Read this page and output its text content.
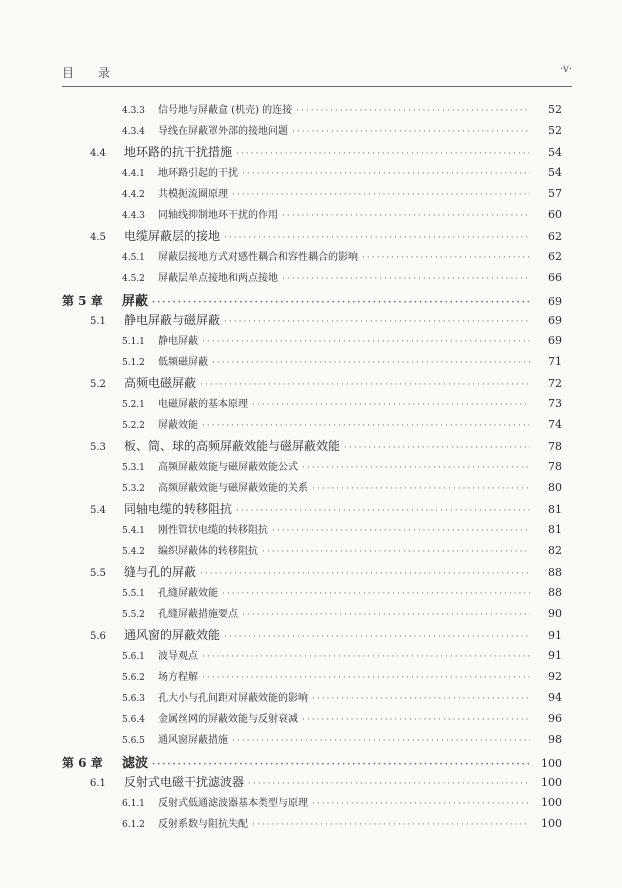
目 录	·v·
4.3.3	信号地与屏蔽盒 (机壳) 的连接 ·····	52
4.3.4	导线在屏蔽罩外部的接地问题 ·····	52
4.4	地环路的抗干扰措施 ·····	54
4.4.1	地环路引起的干扰 ·····	54
4.4.2	共模扼流圈原理 ·····	57
4.4.3	同轴线抑制地环干扰的作用 ·····	60
4.5	电缆屏蔽层的接地 ·····	62
4.5.1	屏蔽层接地方式对感性耦合和容性耦合的影响 ·····	62
4.5.2	屏蔽层单点接地和两点接地 ·····	66
第 5 章	屏蔽 ·····	69
5.1	静电屏蔽与磁屏蔽 ·····	69
5.1.1	静电屏蔽 ·····	69
5.1.2	低频磁屏蔽 ·····	71
5.2	高频电磁屏蔽 ·····	72
5.2.1	电磁屏蔽的基本原理 ·····	73
5.2.2	屏蔽效能 ·····	74
5.3	板、筒、球的高频屏蔽效能与磁屏蔽效能 ·····	78
5.3.1	高频屏蔽效能与磁屏蔽效能公式 ·····	78
5.3.2	高频屏蔽效能与磁屏蔽效能的关系 ·····	80
5.4	同轴电缆的转移阻抗 ·····	81
5.4.1	刚性管状电缆的转移阻抗 ·····	81
5.4.2	编织屏蔽体的转移阻抗 ·····	82
5.5	缝与孔的屏蔽 ·····	88
5.5.1	孔缝屏蔽效能 ·····	88
5.5.2	孔缝屏蔽措施要点 ·····	90
5.6	通风窗的屏蔽效能 ·····	91
5.6.1	波导观点 ·····	91
5.6.2	场方程解 ·····	92
5.6.3	孔大小与孔间距对屏蔽效能的影响 ·····	94
5.6.4	金属丝网的屏蔽效能与反射衰减 ·····	96
5.6.5	通风窗屏蔽措施 ·····	98
第 6 章	滤波 ·····	100
6.1	反射式电磁干扰滤波器 ·····	100
6.1.1	反射式低通滤波器基本类型与原理 ·····	100
6.1.2	反射系数与阻抗失配 ·····	100
